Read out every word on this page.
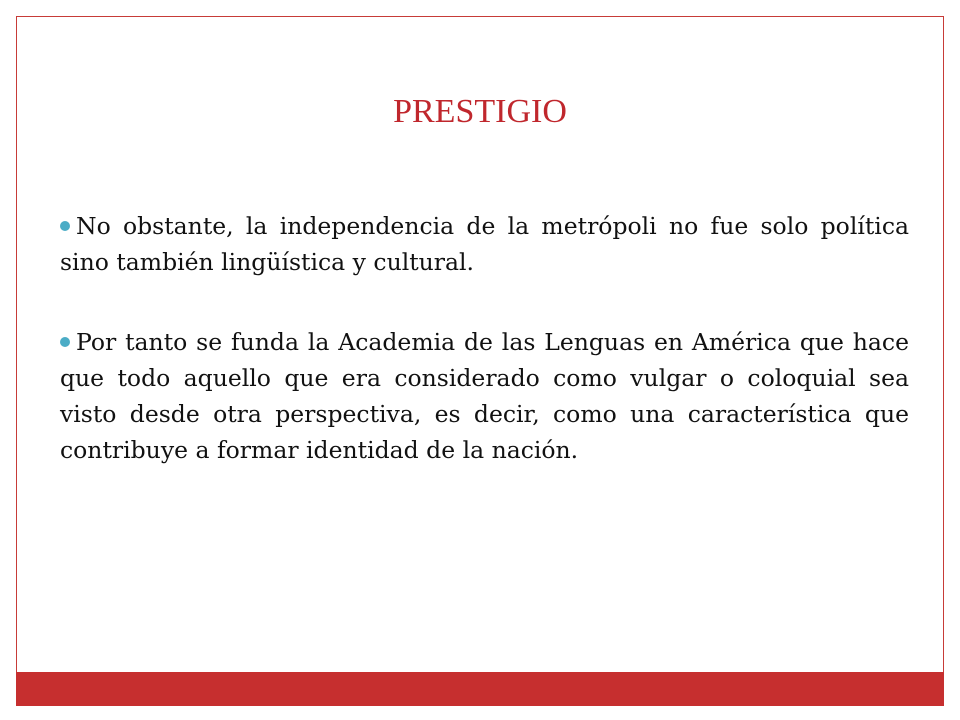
PRESTIGIO
No obstante, la independencia de la metrópoli no fue solo política sino también lingüística y cultural.
Por tanto se funda la Academia de las Lenguas en América que hace que todo aquello que era considerado como vulgar o coloquial sea visto desde otra perspectiva, es decir, como una característica que contribuye a formar identidad de la nación.
